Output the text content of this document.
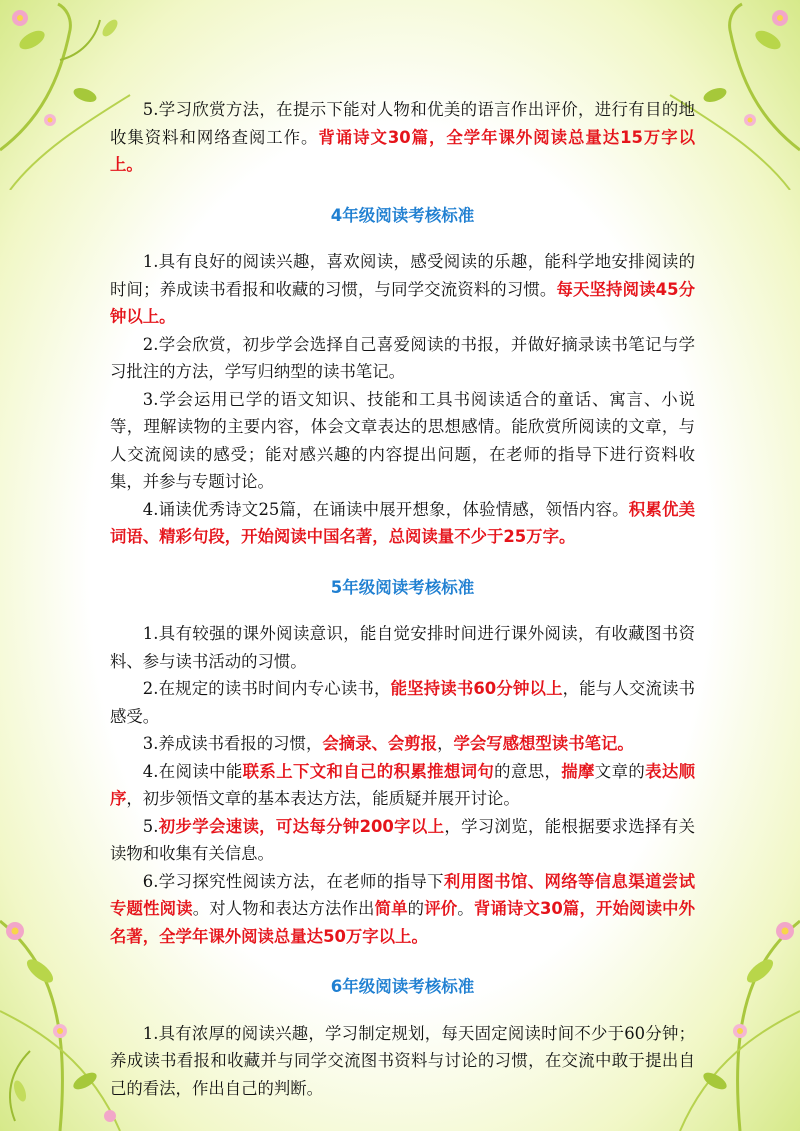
5.学习欣赏方法，在提示下能对人物和优美的语言作出评价，进行有目的地收集资料和网络查阅工作。背诵诗文30篇，全学年课外阅读总量达15万字以上。

4年级阅读考核标准

1.具有良好的阅读兴趣，喜欢阅读，感受阅读的乐趣，能科学地安排阅读的时间；养成读书看报和收藏的习惯，与同学交流资料的习惯。每天坚持阅读45分钟以上。

2.学会欣赏，初步学会选择自己喜爱阅读的书报，并做好摘录读书笔记与学习批注的方法，学写归纳型的读书笔记。

3.学会运用已学的语文知识、技能和工具书阅读适合的童话、寓言、小说等，理解读物的主要内容，体会文章表达的思想感情。能欣赏所阅读的文章，与人交流阅读的感受；能对感兴趣的内容提出问题，在老师的指导下进行资料收集，并参与专题讨论。

4.诵读优秀诗文25篇，在诵读中展开想象，体验情感，领悟内容。积累优美词语、精彩句段，开始阅读中国名著，总阅读量不少于25万字。

5年级阅读考核标准

1.具有较强的课外阅读意识，能自觉安排时间进行课外阅读，有收藏图书资料、参与读书活动的习惯。

2.在规定的读书时间内专心读书，能坚持读书60分钟以上，能与人交流读书感受。

3.养成读书看报的习惯，会摘录、会剪报，学会写感想型读书笔记。

4.在阅读中能联系上下文和自己的积累推想词句的意思，揣摩文章的表达顺序，初步领悟文章的基本表达方法，能质疑并展开讨论。

5.初步学会速读，可达每分钟200字以上，学习浏览，能根据要求选择有关读物和收集有关信息。

6.学习探究性阅读方法，在老师的指导下利用图书馆、网络等信息渠道尝试专题性阅读。对人物和表达方法作出简单的评价。背诵诗文30篇，开始阅读中外名著，全学年课外阅读总量达50万字以上。

6年级阅读考核标准

1.具有浓厚的阅读兴趣，学习制定规划，每天固定阅读时间不少于60分钟；养成读书看报和收藏并与同学交流图书资料与讨论的习惯，在交流中敢于提出自己的看法，作出自己的判断。
